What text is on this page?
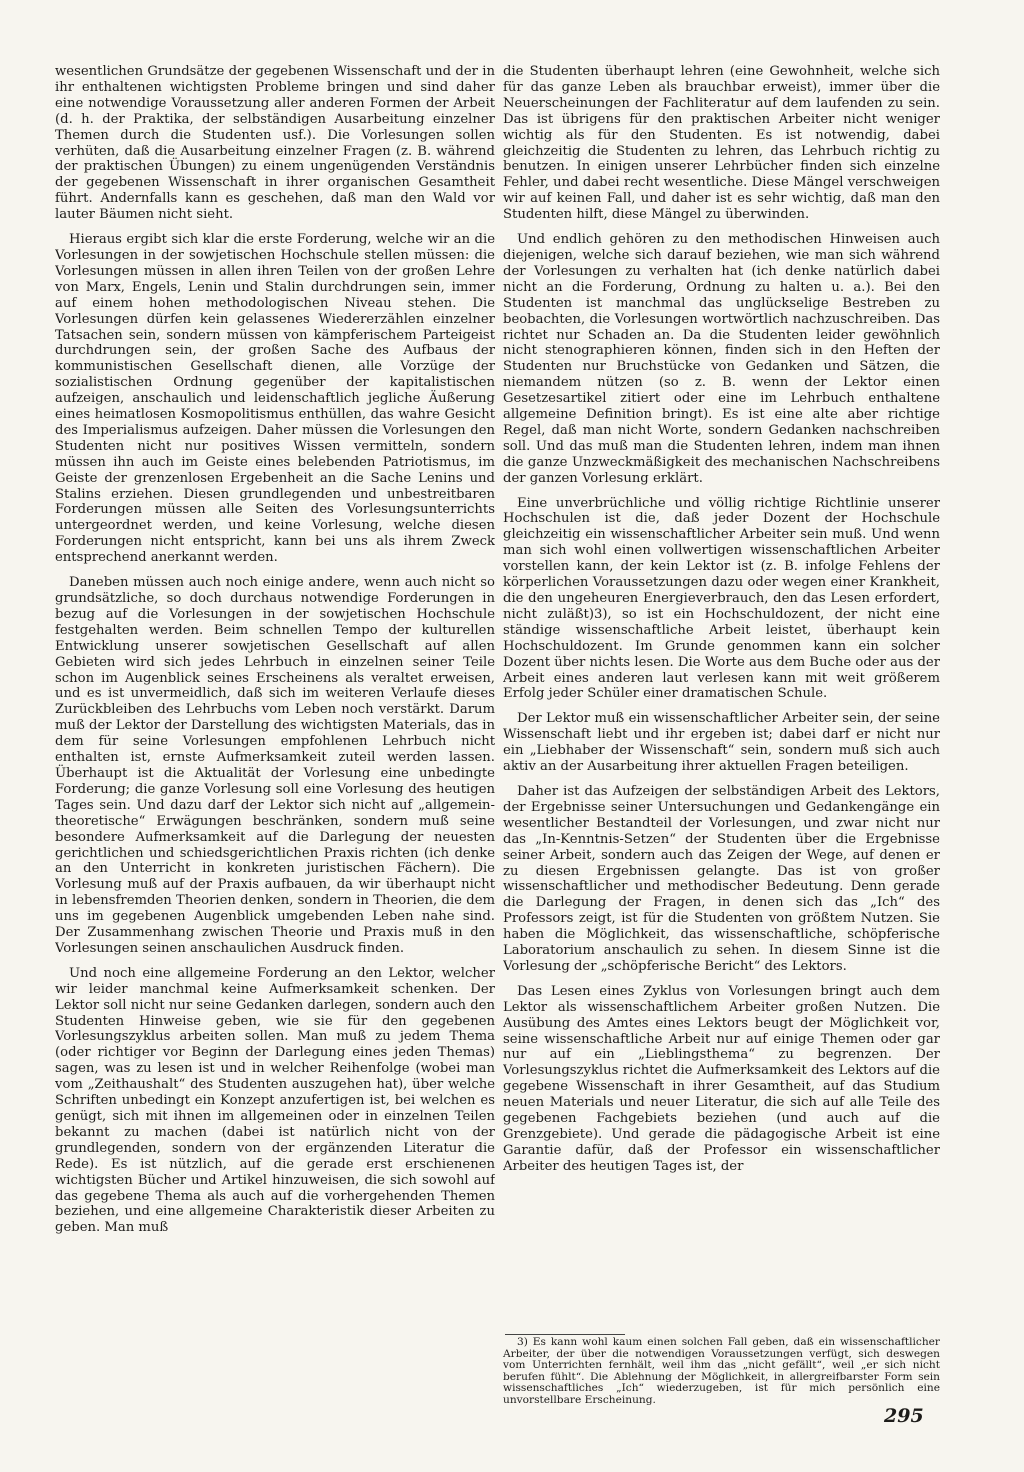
wesentlichen Grundsätze der gegebenen Wissenschaft und der in ihr enthaltenen wichtigsten Probleme bringen und sind daher eine notwendige Voraussetzung aller anderen Formen der Arbeit (d. h. der Praktika, der selbständigen Ausarbeitung einzelner Themen durch die Studenten usf.). Die Vorlesungen sollen verhüten, daß die Ausarbeitung einzelner Fragen (z. B. während der praktischen Übungen) zu einem ungenügenden Verständnis der gegebenen Wissenschaft in ihrer organischen Gesamtheit führt. Andernfalls kann es geschehen, daß man den Wald vor lauter Bäumen nicht sieht.

Hieraus ergibt sich klar die erste Forderung, welche wir an die Vorlesungen in der sowjetischen Hochschule stellen müssen: die Vorlesungen müssen in allen ihren Teilen von der großen Lehre von Marx, Engels, Lenin und Stalin durchdrungen sein, immer auf einem hohen methodologischen Niveau stehen. Die Vorlesungen dürfen kein gelassenes Wiedererzählen einzelner Tatsachen sein, sondern müssen von kämpferischem Parteigeist durchdrungen sein, der großen Sache des Aufbaus der kommunistischen Gesellschaft dienen, alle Vorzüge der sozialistischen Ordnung gegenüber der kapitalistischen aufzeigen, anschaulich und leidenschaftlich jegliche Äußerung eines heimatlosen Kosmopolitismus enthüllen, das wahre Gesicht des Imperialismus aufzeigen. Daher müssen die Vorlesungen den Studenten nicht nur positives Wissen vermitteln, sondern müssen ihn auch im Geiste eines belebenden Patriotismus, im Geiste der grenzenlosen Ergebenheit an die Sache Lenins und Stalins erziehen. Diesen grundlegenden und unbestreitbaren Forderungen müssen alle Seiten des Vorlesungsunterrichts untergeordnet werden, und keine Vorlesung, welche diesen Forderungen nicht entspricht, kann bei uns als ihrem Zweck entsprechend anerkannt werden.

Daneben müssen auch noch einige andere, wenn auch nicht so grundsätzliche, so doch durchaus notwendige Forderungen in bezug auf die Vorlesungen in der sowjetischen Hochschule festgehalten werden. Beim schnellen Tempo der kulturellen Entwicklung unserer sowjetischen Gesellschaft auf allen Gebieten wird sich jedes Lehrbuch in einzelnen seiner Teile schon im Augenblick seines Erscheinens als veraltet erweisen, und es ist unvermeidlich, daß sich im weiteren Verlaufe dieses Zurückbleiben des Lehrbuchs vom Leben noch verstärkt. Darum muß der Lektor der Darstellung des wichtigsten Materials, das in dem für seine Vorlesungen empfohlenen Lehrbuch nicht enthalten ist, ernste Aufmerksamkeit zuteil werden lassen. Überhaupt ist die Aktualität der Vorlesung eine unbedingte Forderung; die ganze Vorlesung soll eine Vorlesung des heutigen Tages sein. Und dazu darf der Lektor sich nicht auf „allgemein-theoretische“ Erwägungen beschränken, sondern muß seine besondere Aufmerksamkeit auf die Darlegung der neuesten gerichtlichen und schiedsgerichtlichen Praxis richten (ich denke an den Unterricht in konkreten juristischen Fächern). Die Vorlesung muß auf der Praxis aufbauen, da wir überhaupt nicht in lebensfremden Theorien denken, sondern in Theorien, die dem uns im gegebenen Augenblick umgebenden Leben nahe sind. Der Zusammenhang zwischen Theorie und Praxis muß in den Vorlesungen seinen anschaulichen Ausdruck finden.

Und noch eine allgemeine Forderung an den Lektor, welcher wir leider manchmal keine Aufmerksamkeit schenken. Der Lektor soll nicht nur seine Gedanken darlegen, sondern auch den Studenten Hinweise geben, wie sie für den gegebenen Vorlesungszyklus arbeiten sollen. Man muß zu jedem Thema (oder richtiger vor Beginn der Darlegung eines jeden Themas) sagen, was zu lesen ist und in welcher Reihenfolge (wobei man vom „Zeithaushalt“ des Studenten auszugehen hat), über welche Schriften unbedingt ein Konzept anzufertigen ist, bei welchen es genügt, sich mit ihnen im allgemeinen oder in einzelnen Teilen bekannt zu machen (dabei ist natürlich nicht von der grundlegenden, sondern von der ergänzenden Literatur die Rede). Es ist nützlich, auf die gerade erst erschienenen wichtigsten Bücher und Artikel hinzuweisen, die sich sowohl auf das gegebene Thema als auch auf die vorhergehenden Themen beziehen, und eine allgemeine Charakteristik dieser Arbeiten zu geben. Man muß

die Studenten überhaupt lehren (eine Gewohnheit, welche sich für das ganze Leben als brauchbar erweist), immer über die Neuerscheinungen der Fachliteratur auf dem laufenden zu sein. Das ist übrigens für den praktischen Arbeiter nicht weniger wichtig als für den Studenten. Es ist notwendig, dabei gleichzeitig die Studenten zu lehren, das Lehrbuch richtig zu benutzen. In einigen unserer Lehrbücher finden sich einzelne Fehler, und dabei recht wesentliche. Diese Mängel verschweigen wir auf keinen Fall, und daher ist es sehr wichtig, daß man den Studenten hilft, diese Mängel zu überwinden.

Und endlich gehören zu den methodischen Hinweisen auch diejenigen, welche sich darauf beziehen, wie man sich während der Vorlesungen zu verhalten hat (ich denke natürlich dabei nicht an die Forderung, Ordnung zu halten u. a.). Bei den Studenten ist manchmal das unglückselige Bestreben zu beobachten, die Vorlesungen wortwörtlich nachzuschreiben. Das richtet nur Schaden an. Da die Studenten leider gewöhnlich nicht stenographieren können, finden sich in den Heften der Studenten nur Bruchstücke von Gedanken und Sätzen, die niemandem nützen (so z. B. wenn der Lektor einen Gesetzesartikel zitiert oder eine im Lehrbuch enthaltene allgemeine Definition bringt). Es ist eine alte aber richtige Regel, daß man nicht Worte, sondern Gedanken nachschreiben soll. Und das muß man die Studenten lehren, indem man ihnen die ganze Unzweckmäßigkeit des mechanischen Nachschreibens der ganzen Vorlesung erklärt.

Eine unverbrüchliche und völlig richtige Richtlinie unserer Hochschulen ist die, daß jeder Dozent der Hochschule gleichzeitig ein wissenschaftlicher Arbeiter sein muß. Und wenn man sich wohl einen vollwertigen wissenschaftlichen Arbeiter vorstellen kann, der kein Lektor ist (z. B. infolge Fehlens der körperlichen Voraussetzungen dazu oder wegen einer Krankheit, die den ungeheuren Energieverbrauch, den das Lesen erfordert, nicht zuläßt)3), so ist ein Hochschuldozent, der nicht eine ständige wissenschaftliche Arbeit leistet, überhaupt kein Hochschuldozent. Im Grunde genommen kann ein solcher Dozent über nichts lesen. Die Worte aus dem Buche oder aus der Arbeit eines anderen laut verlesen kann mit weit größerem Erfolg jeder Schüler einer dramatischen Schule.

Der Lektor muß ein wissenschaftlicher Arbeiter sein, der seine Wissenschaft liebt und ihr ergeben ist; dabei darf er nicht nur ein „Liebhaber der Wissenschaft“ sein, sondern muß sich auch aktiv an der Ausarbeitung ihrer aktuellen Fragen beteiligen.

Daher ist das Aufzeigen der selbständigen Arbeit des Lektors, der Ergebnisse seiner Untersuchungen und Gedankengänge ein wesentlicher Bestandteil der Vorlesungen, und zwar nicht nur das „In-Kenntnis-Setzen“ der Studenten über die Ergebnisse seiner Arbeit, sondern auch das Zeigen der Wege, auf denen er zu diesen Ergebnissen gelangte. Das ist von großer wissenschaftlicher und methodischer Bedeutung. Denn gerade die Darlegung der Fragen, in denen sich das „Ich“ des Professors zeigt, ist für die Studenten von größtem Nutzen. Sie haben die Möglichkeit, das wissenschaftliche, schöpferische Laboratorium anschaulich zu sehen. In diesem Sinne ist die Vorlesung der „schöpferische Bericht“ des Lektors.

Das Lesen eines Zyklus von Vorlesungen bringt auch dem Lektor als wissenschaftlichem Arbeiter großen Nutzen. Die Ausübung des Amtes eines Lektors beugt der Möglichkeit vor, seine wissenschaftliche Arbeit nur auf einige Themen oder gar nur auf ein „Lieblingsthema“ zu begrenzen. Der Vorlesungszyklus richtet die Aufmerksamkeit des Lektors auf die gegebene Wissenschaft in ihrer Gesamtheit, auf das Studium neuen Materials und neuer Literatur, die sich auf alle Teile des gegebenen Fachgebiets beziehen (und auch auf die Grenzgebiete). Und gerade die pädagogische Arbeit ist eine Garantie dafür, daß der Professor ein wissenschaftlicher Arbeiter des heutigen Tages ist, der

3) Es kann wohl kaum einen solchen Fall geben, daß ein wissenschaftlicher Arbeiter, der über die notwendigen Voraussetzungen verfügt, sich deswegen vom Unterrichten fernhält, weil ihm das „nicht gefällt“, weil „er sich nicht berufen fühlt“. Die Ablehnung der Möglichkeit, in allergreifbarster Form sein wissenschaftliches „Ich“ wiederzugeben, ist für mich persönlich eine unvorstellbare Erscheinung.

295
